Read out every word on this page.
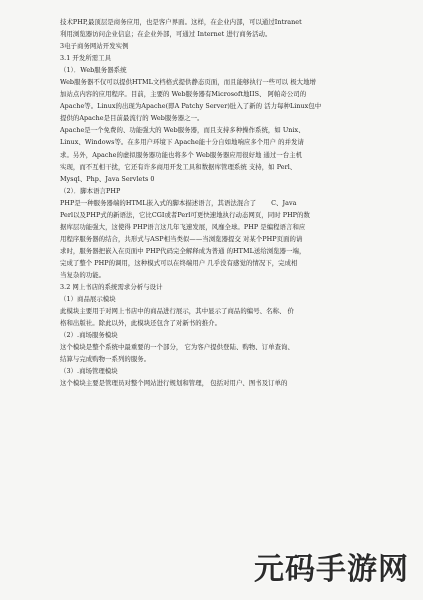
技术PHP,最顶层是商务应用，也是客户界面。这样，在企业内部，可以通过Intranet

利用浏览器访问企业信息；在企业外部，可通过 Internet 进行商务活动。

3电子商务网站开发实例

3.1 开发所需工具

（1）．Web服务器系统

Web服务器不仅可以提供HTML文档格式提供静态页面，而且能够执行一些可以 极大地增

加站点内容的应用程序。目前，主要的 Web服务器有Microsoft地IIS、 阿帕奇公司的

Apache等。Linux的出现为Apache(即A Patchy Server)肚入了新的 活力每种Linux包中

提供的Apache是目前最流行的 Web服务器之一。

Apache是一个免费的、功能强大的 Web服务器，而且支持多种操作系统，如 Unix、

Linux、Windows等。在多用户环境下 Apache能十分自如地响应多个用户 的并发请

求。另外，Apache的虚拟服务器功能也将多个 Web服务器应用很好地 通过一台主机

实现，而不互相干扰，它还有许多商用开发工具和数据库管理系统 支持，如 Perl、

Mysql、Php、Java Servlets 0

（2）．脚本语言PHP

PHP是一种服务器端的HTML嵌入式的脚本描述语言，其语法混合了 　　C、Java

Perl以及PHP式的新语法，它比CGI或者Perl可更快速地执行动态网页，同时 PHP的数

据库层功能强大，这使得 PHP语言这几年飞速发展，风靡全球。PHP 是编程语言和应

用程序服务器的结合，共形式与ASP相当类似——当浏览器提交 对某个PHP页面的请

求时，服务器把嵌入在页面中 PHP代码完全解释成为普通 的HTML送给浏览器一端，

完成了整个 PHP的调用，这种模式可以在终端用户 几乎没有感觉的情况下，完成相

当复杂的功能。

3.2 网上书店的系统需求分析与设计

（1）商品展示模块

此模块主要用于对网上书店中的商品进行展示，其中显示了商品的编号、名称、 价

格和出版社。除此以外，此模块还包含了对新书的推介。

（2）.商场服务模块

这个模块是整个系统中最重要的一个部分， 它为客户提供登陆、购物、订单查询、

结算与完成购物一系列的服务。

（3）.商场管理模块

这个模块主要是管理员对整个网站进行规划和管理， 包括对用户、图书及订单的

元码手游网
